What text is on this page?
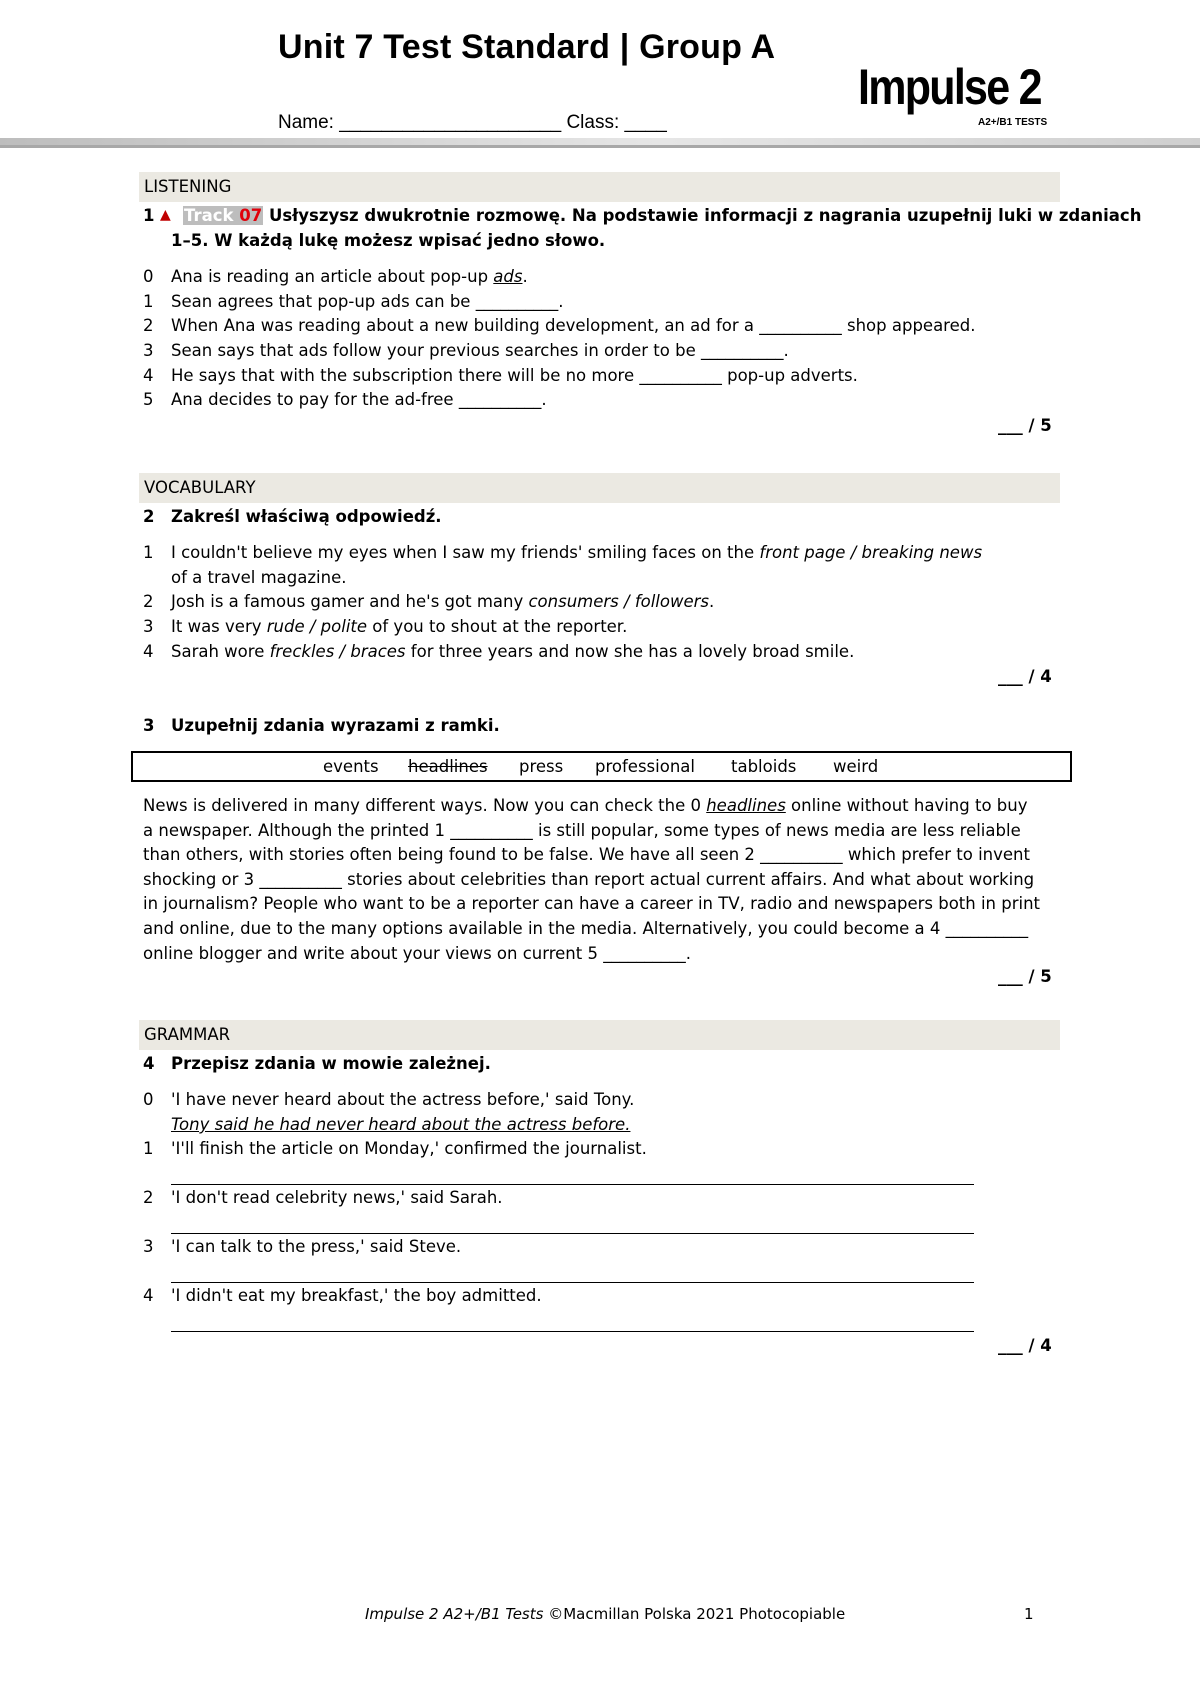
Unit 7 Test Standard | Group A
Name: _____________________ Class: ____
Impulse 2
A2+/B1 TESTS
LISTENING
1 ▲ Track 07 Usłyszysz dwukrotnie rozmowę. Na podstawie informacji z nagrania uzupełnij luki w zdaniach
1–5. W każdą lukę możesz wpisać jedno słowo.
0	Ana is reading an article about pop-up ads.
1	Sean agrees that pop-up ads can be __________.
2	When Ana was reading about a new building development, an ad for a __________ shop appeared.
3	Sean says that ads follow your previous searches in order to be __________.
4	He says that with the subscription there will be no more __________ pop-up adverts.
5	Ana decides to pay for the ad-free __________.
___ / 5
VOCABULARY
2	Zakreśl właściwą odpowiedź.
1	I couldn't believe my eyes when I saw my friends' smiling faces on the front page / breaking news
of a travel magazine.
2	Josh is a famous gamer and he's got many consumers / followers.
3	It was very rude / polite of you to shout at the reporter.
4	Sarah wore freckles / braces for three years and now she has a lovely broad smile.
___ / 4
3	Uzupełnij zdania wyrazami z ramki.
events headlines press professional tabloids weird
News is delivered in many different ways. Now you can check the 0 headlines online without having to buy
a newspaper. Although the printed 1 __________ is still popular, some types of news media are less reliable
than others, with stories often being found to be false. We have all seen 2 __________ which prefer to invent
shocking or 3 __________ stories about celebrities than report actual current affairs. And what about working
in journalism? People who want to be a reporter can have a career in TV, radio and newspapers both in print
and online, due to the many options available in the media. Alternatively, you could become a 4 __________
online blogger and write about your views on current 5 __________.
___ / 5
GRAMMAR
4	Przepisz zdania w mowie zależnej.
0	'I have never heard about the actress before,' said Tony.
Tony said he had never heard about the actress before.
1	'I'll finish the article on Monday,' confirmed the journalist.
2	'I don't read celebrity news,' said Sarah.
3	'I can talk to the press,' said Steve.
4	'I didn't eat my breakfast,' the boy admitted.
___ / 4
Impulse 2 A2+/B1 Tests ©Macmillan Polska 2021 Photocopiable	1
